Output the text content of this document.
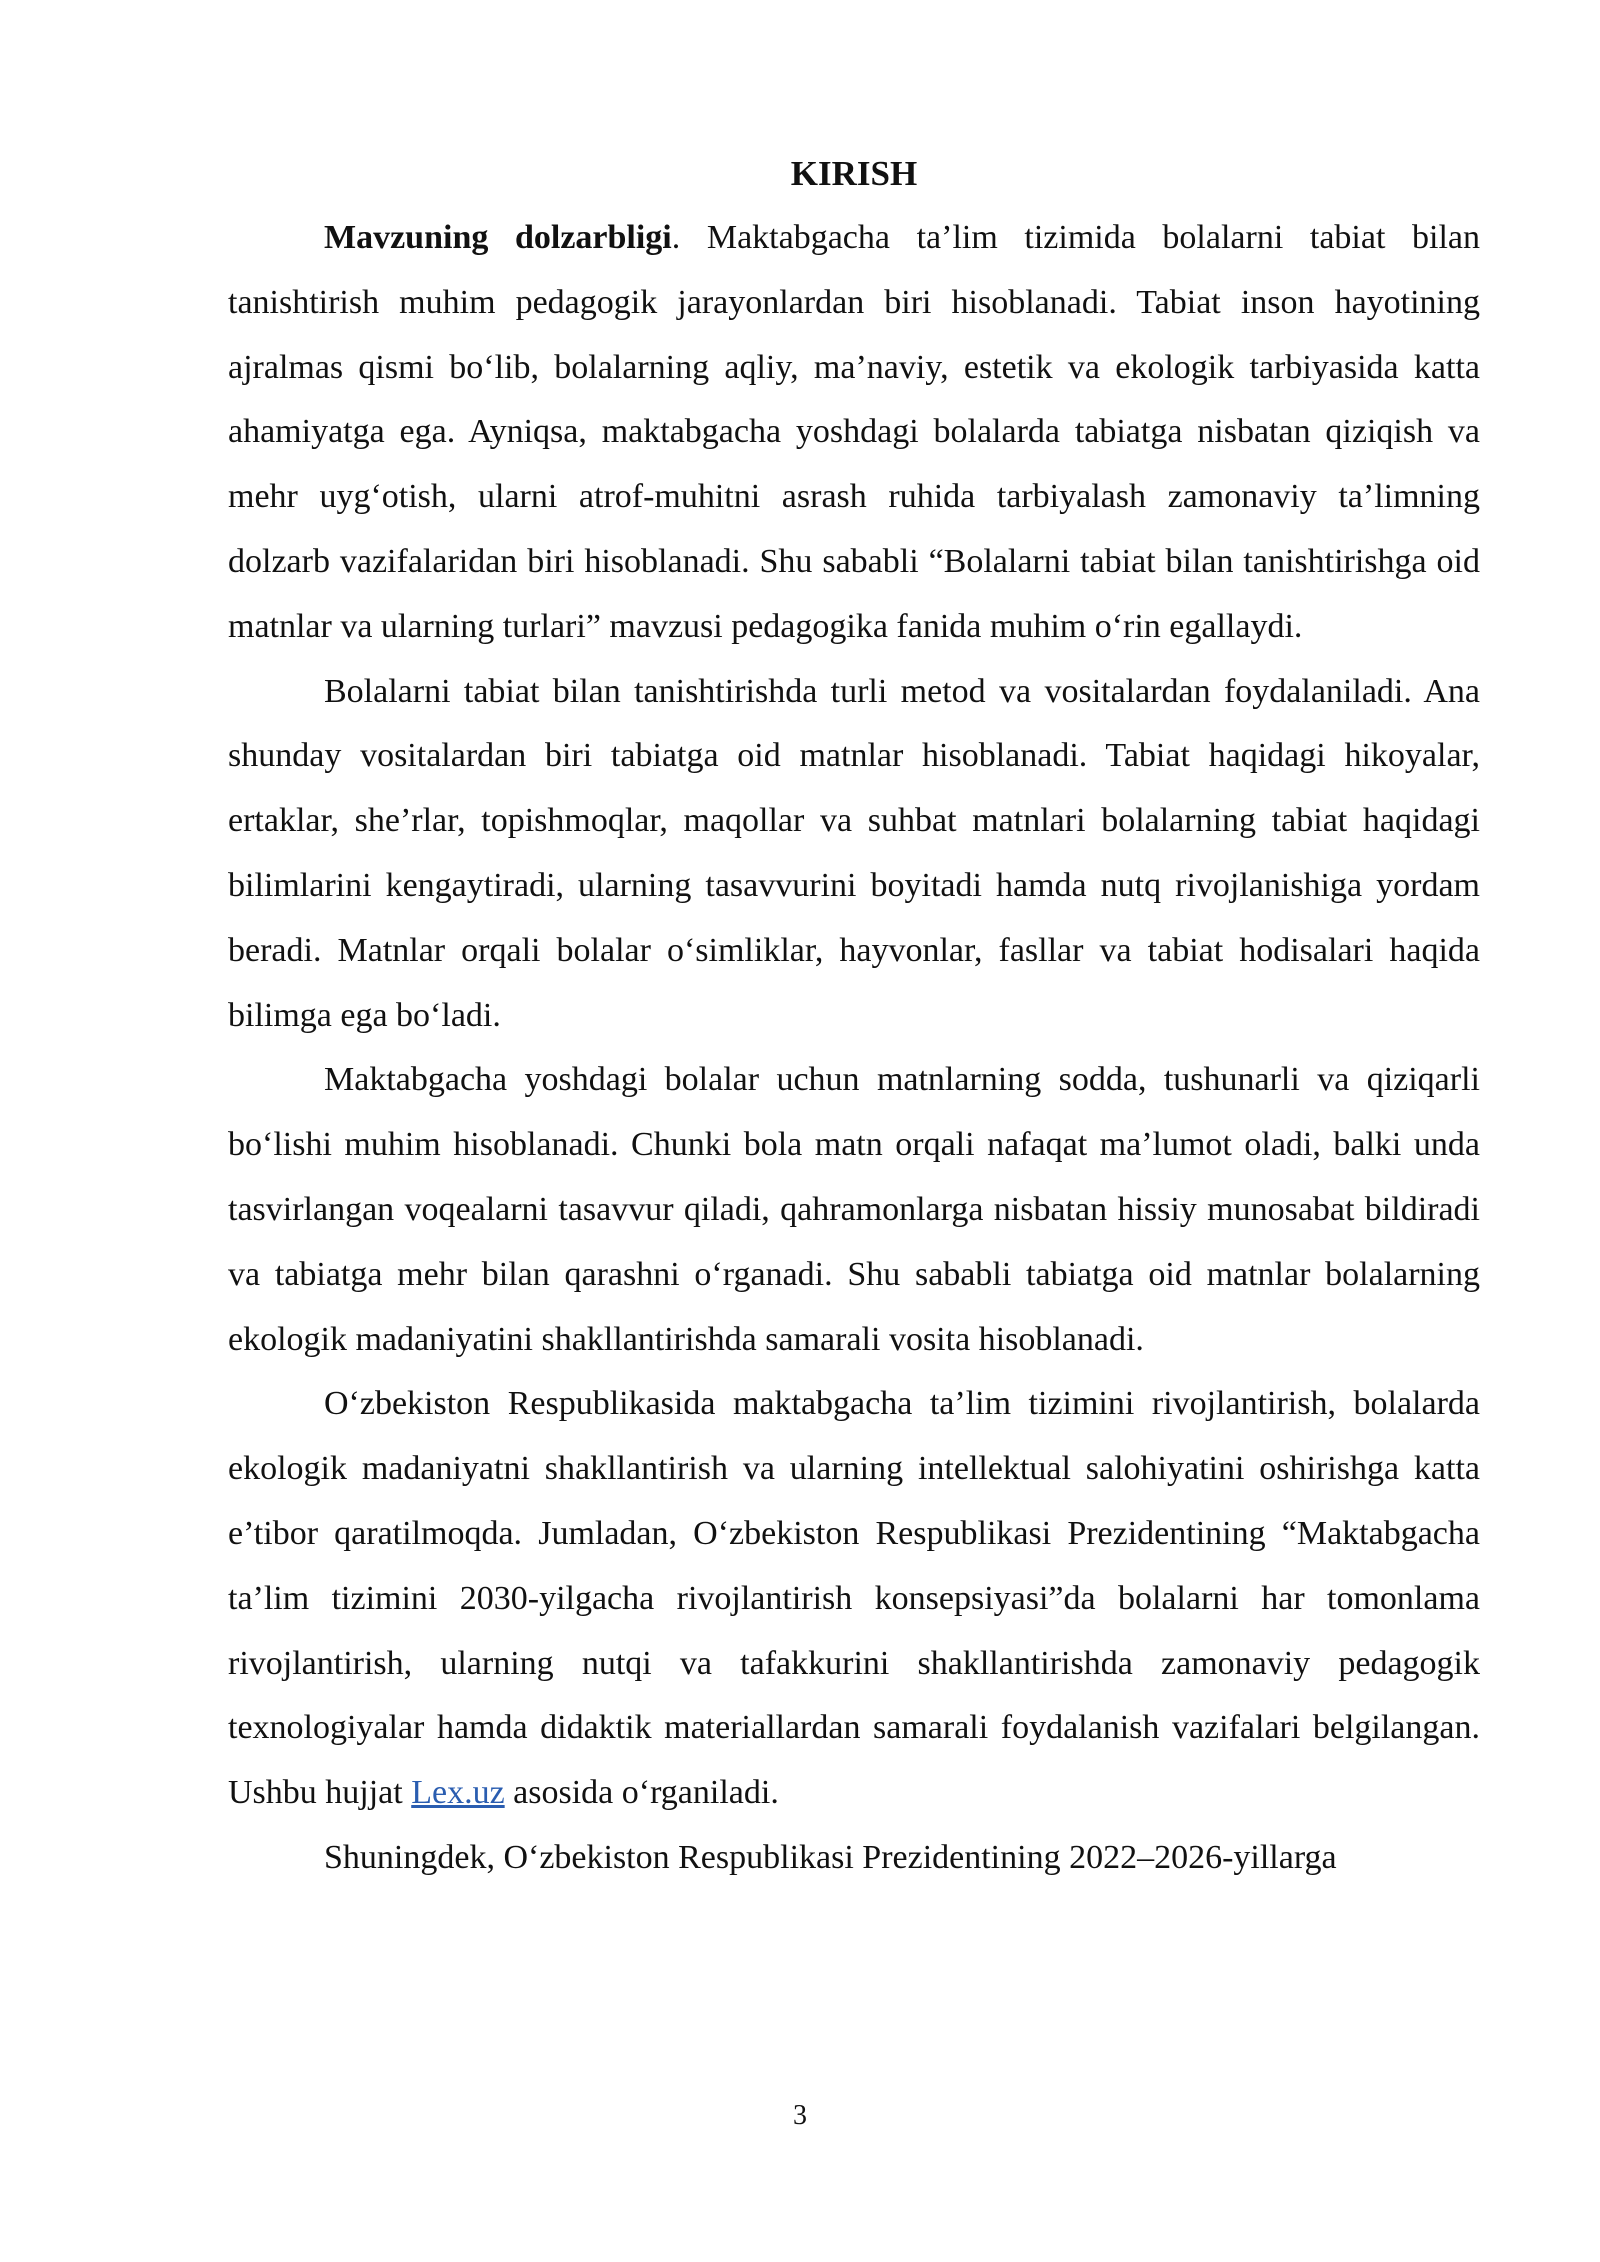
KIRISH

Mavzuning dolzarbligi. Maktabgacha ta’lim tizimida bolalarni tabiat bilan tanishtirish muhim pedagogik jarayonlardan biri hisoblanadi. Tabiat inson hayotining ajralmas qismi bo‘lib, bolalarning aqliy, ma’naviy, estetik va ekologik tarbiyasida katta ahamiyatga ega. Ayniqsa, maktabgacha yoshdagi bolalarda tabiatga nisbatan qiziqish va mehr uyg‘otish, ularni atrof-muhitni asrash ruhida tarbiyalash zamonaviy ta’limning dolzarb vazifalaridan biri hisoblanadi. Shu sababli “Bolalarni tabiat bilan tanishtirishga oid matnlar va ularning turlari” mavzusi pedagogika fanida muhim o‘rin egallaydi.

Bolalarni tabiat bilan tanishtirishda turli metod va vositalardan foydalaniladi. Ana shunday vositalardan biri tabiatga oid matnlar hisoblanadi. Tabiat haqidagi hikoyalar, ertaklar, she’rlar, topishmoqlar, maqollar va suhbat matnlari bolalarning tabiat haqidagi bilimlarini kengaytiradi, ularning tasavvurini boyitadi hamda nutq rivojlanishiga yordam beradi. Matnlar orqali bolalar o‘simliklar, hayvonlar, fasllar va tabiat hodisalari haqida bilimga ega bo‘ladi.

Maktabgacha yoshdagi bolalar uchun matnlarning sodda, tushunarli va qiziqarli bo‘lishi muhim hisoblanadi. Chunki bola matn orqali nafaqat ma’lumot oladi, balki unda tasvirlangan voqealarni tasavvur qiladi, qahramonlarga nisbatan hissiy munosabat bildiradi va tabiatga mehr bilan qarashni o‘rganadi. Shu sababli tabiatga oid matnlar bolalarning ekologik madaniyatini shakllantirishda samarali vosita hisoblanadi.

O‘zbekiston Respublikasida maktabgacha ta’lim tizimini rivojlantirish, bolalarda ekologik madaniyatni shakllantirish va ularning intellektual salohiyatini oshirishga katta e’tibor qaratilmoqda. Jumladan, O‘zbekiston Respublikasi Prezidentining “Maktabgacha ta’lim tizimini 2030-yilgacha rivojlantirish konsepsiyasi”da bolalarni har tomonlama rivojlantirish, ularning nutqi va tafakkurini shakllantirishda zamonaviy pedagogik texnologiyalar hamda didaktik materiallardan samarali foydalanish vazifalari belgilangan. Ushbu hujjat Lex.uz asosida o‘rganiladi.

Shuningdek, O‘zbekiston Respublikasi Prezidentining 2022–2026-yillarga

3
